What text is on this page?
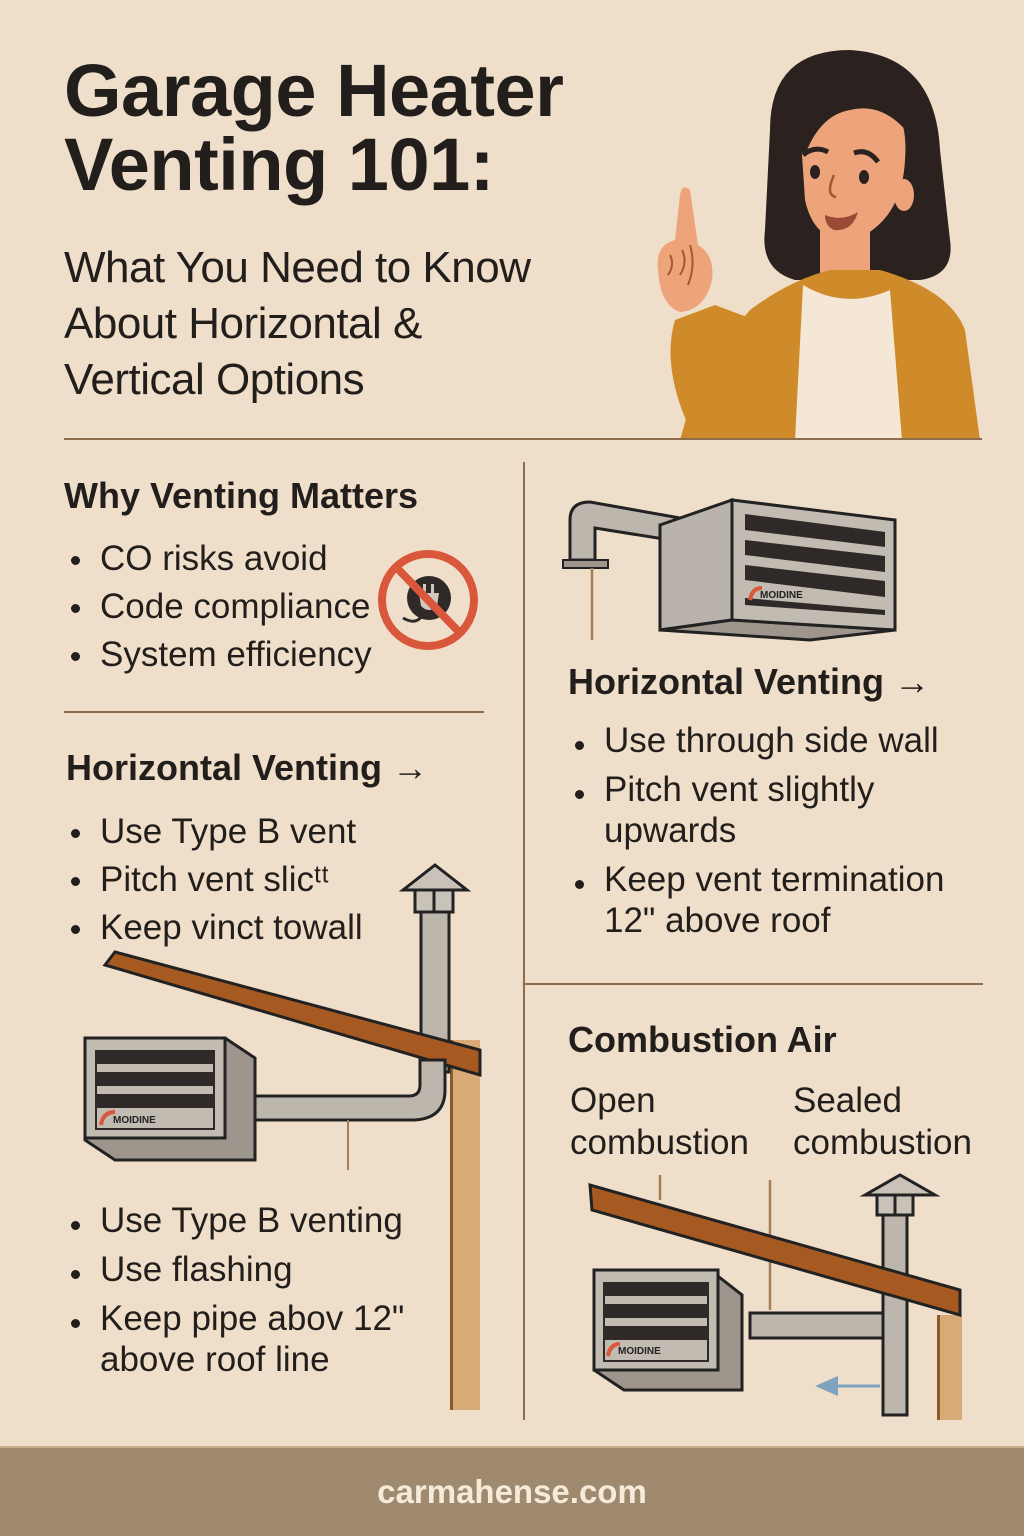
Garage Heater
Venting 101:
What You Need to Know
About Horizontal &
Vertical Options
Why Venting Matters
CO risks avoid
Code compliance
System efficiency
Horizontal Venting →
Use Type B vent
Pitch vent slicᵗᵗ
Keep vinct towall
MOIDINE
Use Type B venting
Use flashing
Keep pipe abov 12"
above roof line
MOIDINE
Horizontal Venting →
Use through side wall
Pitch vent slightly upwards
Keep vent termination 12" above roof
Combustion Air
Open
combustion
Sealed
combustion
MOIDINE
carmahense.com
